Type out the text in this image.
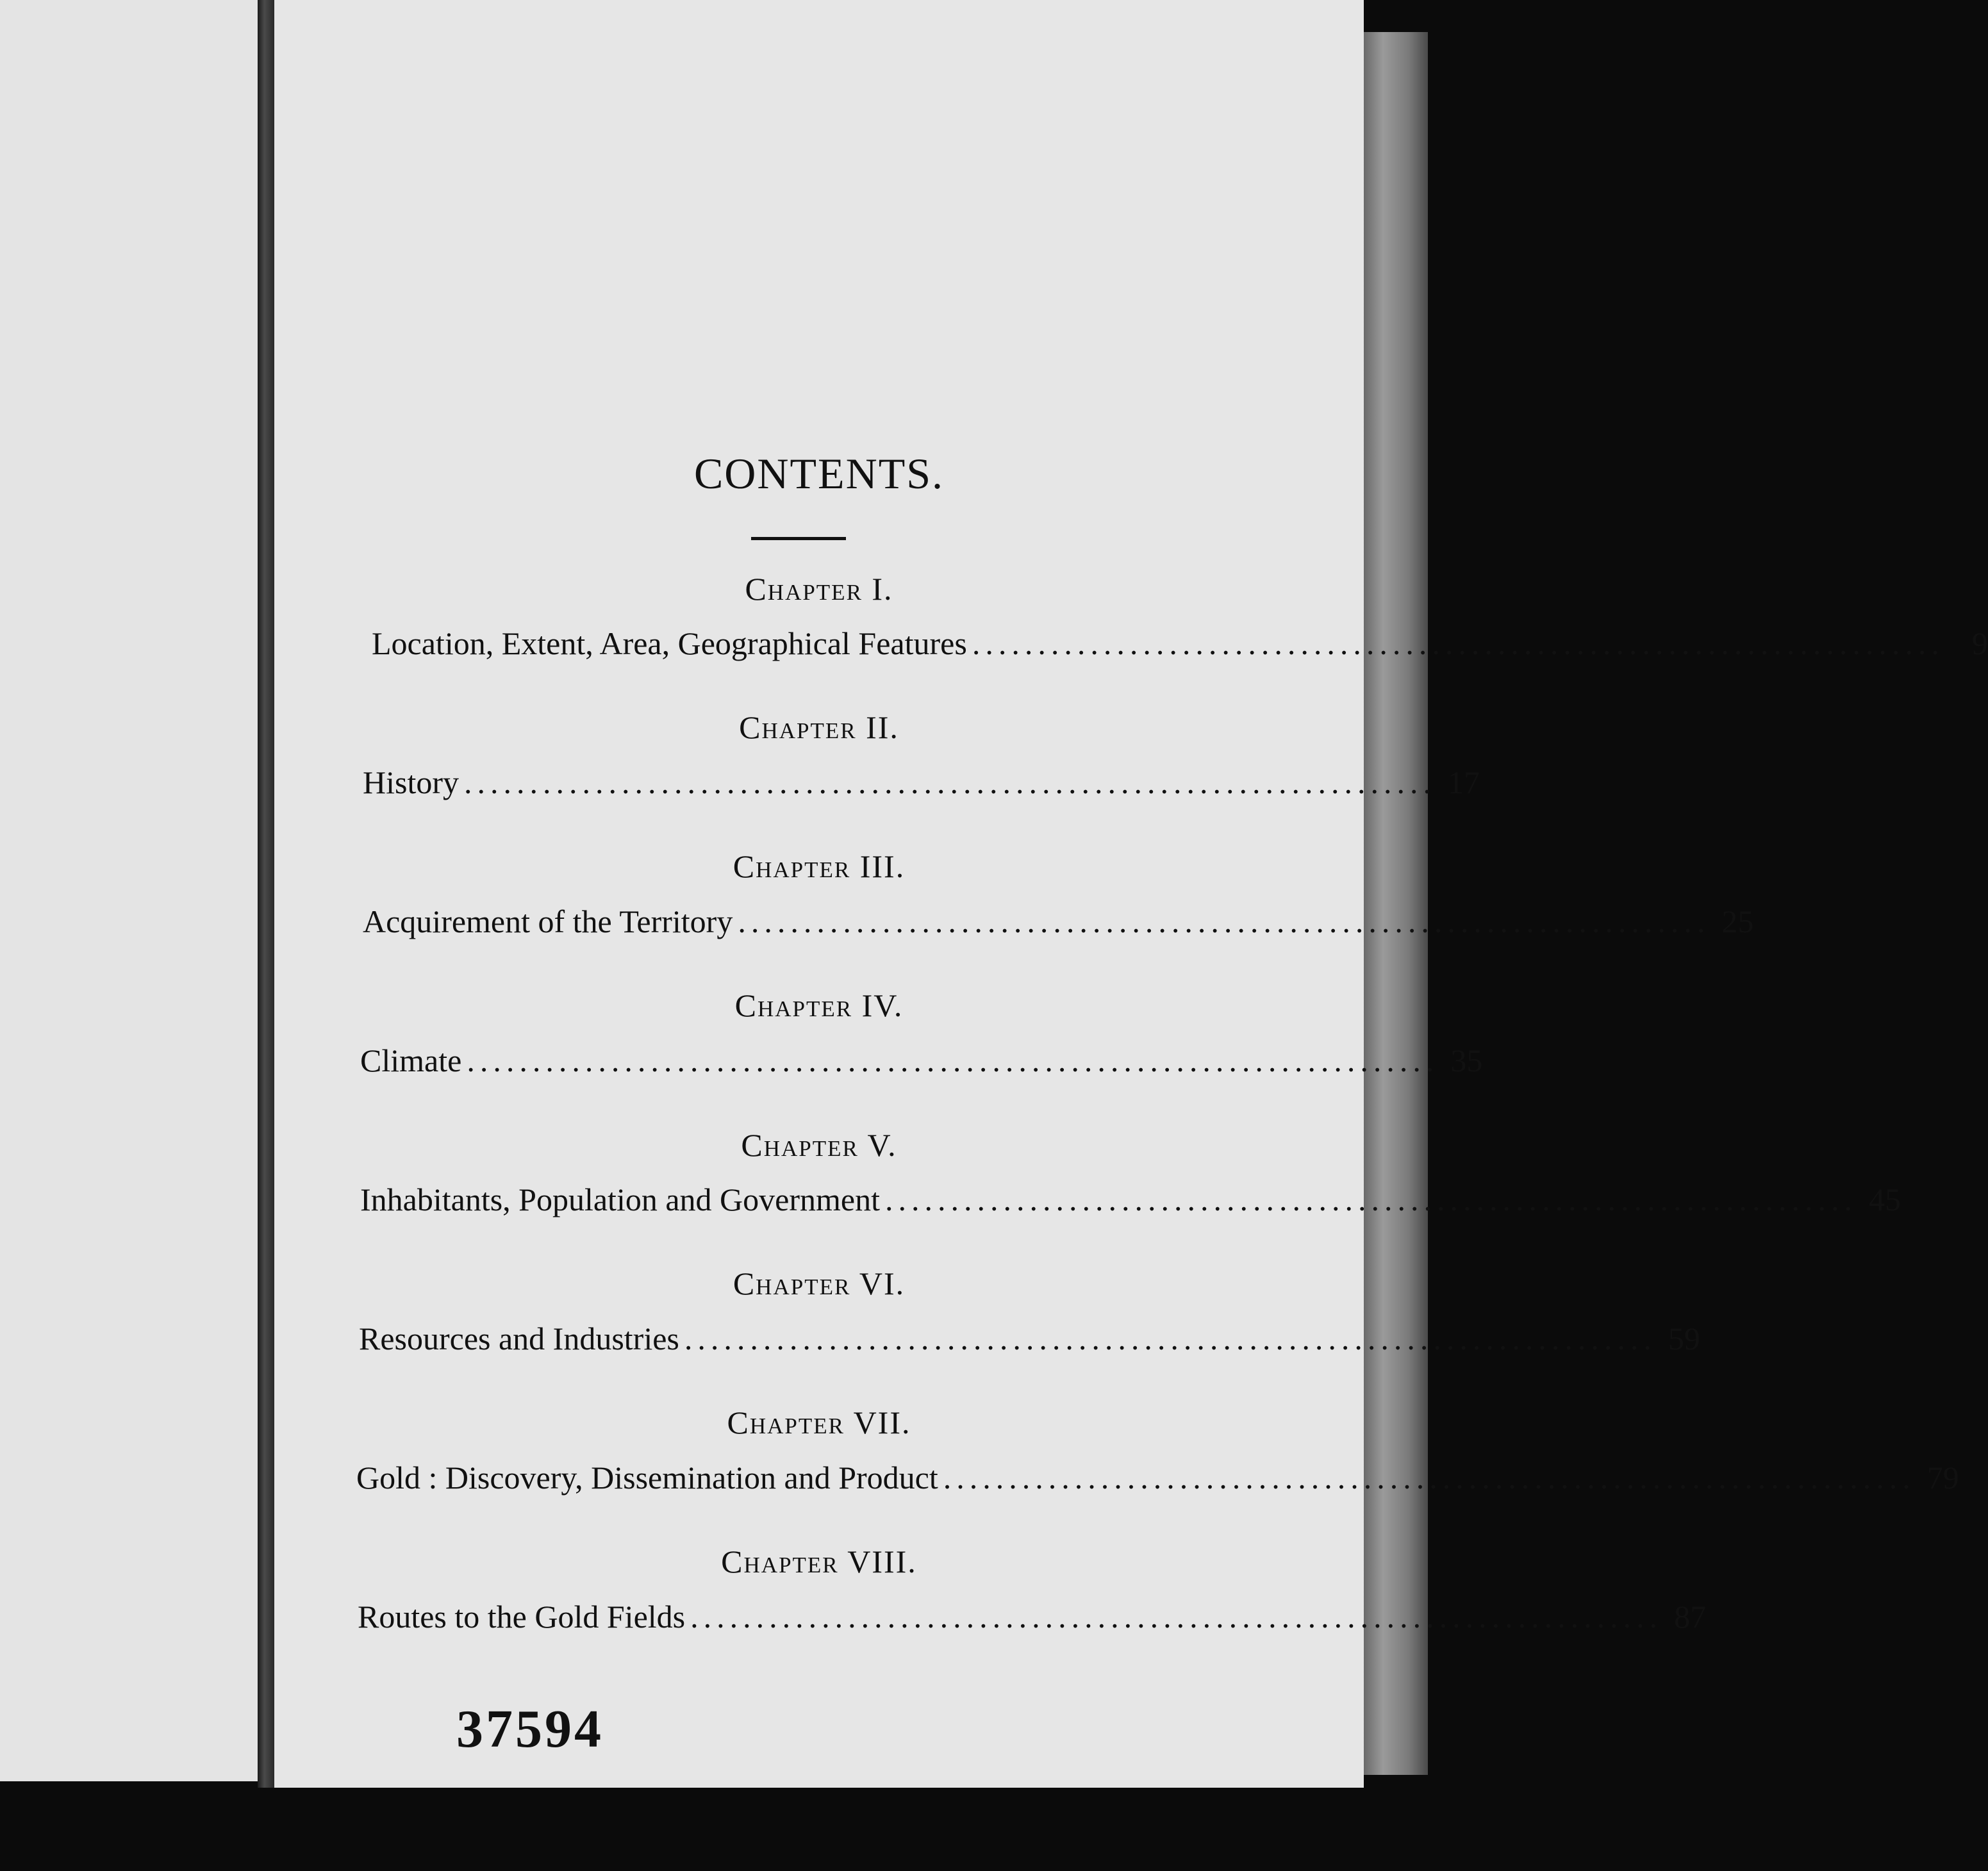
CONTENTS.
Chapter I.
Location, Extent, Area, Geographical Features .......................................................................... 9
Chapter II.
History .......................................................................... 17
Chapter III.
Acquirement of the Territory .......................................................................... 25
Chapter IV.
Climate .......................................................................... 35
Chapter V.
Inhabitants, Population and Government .......................................................................... 45
Chapter VI.
Resources and Industries .......................................................................... 59
Chapter VII.
Gold : Discovery, Dissemination and Product .......................................................................... 79
Chapter VIII.
Routes to the Gold Fields .......................................................................... 87
37594
